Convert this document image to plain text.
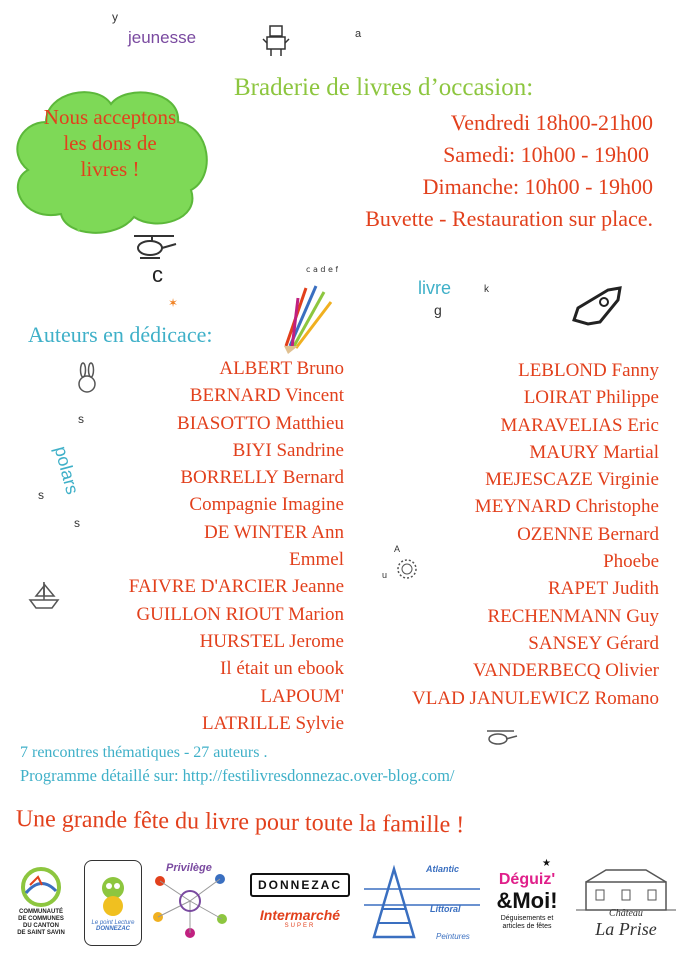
jeunesse
y
a
Nous acceptons
les dons de
livres !
Braderie de livres d’occasion:
Vendredi 18h00-21h00
Samedi: 10h00 - 19h00
Dimanche: 10h00 - 19h00
Buvette - Restauration sur place.
c
✶
c a d e f
livre	k
g
Auteurs en dédicace:
s
polars
s
s
A
u
ALBERT Bruno
BERNARD Vincent
BIASOTTO Matthieu
BIYI Sandrine
BORRELLY Bernard
Compagnie Imagine
DE WINTER Ann
Emmel
FAIVRE D'ARCIER Jeanne
GUILLON RIOUT Marion
HURSTEL Jerome
Il était un ebook
LAPOUM'
LATRILLE Sylvie
LEBLOND Fanny
LOIRAT Philippe
MARAVELIAS Eric
MAURY Martial
MEJESCAZE Virginie
MEYNARD Christophe
OZENNE Bernard
Phoebe
RAPET Judith
RECHENMANN Guy
SANSEY Gérard
VANDERBECQ Olivier
VLAD JANULEWICZ Romano
7 rencontres thématiques - 27 auteurs .
Programme détaillé sur: http://festilivresdonnezac.over-blog.com/
Une grande fête du livre pour toute la famille !
COMMUNAUTÉ
DE COMMUNES
DU CANTON
DE SAINT SAVIN
Le point Lecture
DONNEZAC
Privilège
DONNEZAC
Intermarché
SUPER
Atlantic
Littoral
Peintures
Déguiz'
&Moi!
Déguisements et
articles de fêtes
★
Château
La Prise
